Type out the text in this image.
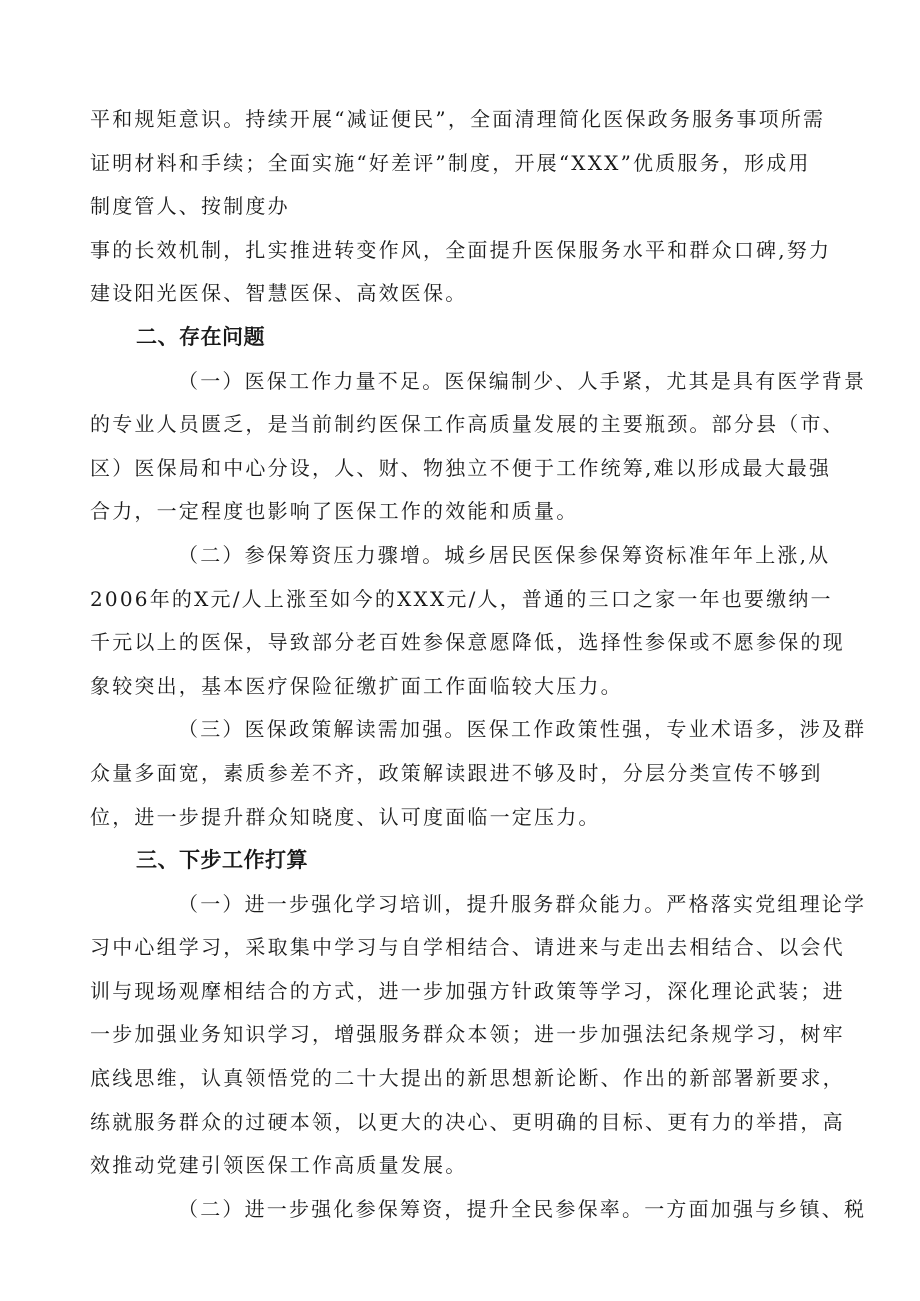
平和规矩意识。持续开展“减证便民”，全面清理简化医保政务服务事项所需
证明材料和手续；全面实施“好差评”制度，开展“XXX”优质服务，形成用
制度管人、按制度办
事的长效机制，扎实推进转变作风，全面提升医保服务水平和群众口碑,努力
建设阳光医保、智慧医保、高效医保。
二、存在问题
（一）医保工作力量不足。医保编制少、人手紧，尤其是具有医学背景
的专业人员匮乏，是当前制约医保工作高质量发展的主要瓶颈。部分县（市、
区）医保局和中心分设，人、财、物独立不便于工作统筹,难以形成最大最强
合力，一定程度也影响了医保工作的效能和质量。
（二）参保筹资压力骤增。城乡居民医保参保筹资标准年年上涨,从
2006年的X元/人上涨至如今的XXX元/人，普通的三口之家一年也要缴纳一
千元以上的医保，导致部分老百姓参保意愿降低，选择性参保或不愿参保的现
象较突出，基本医疗保险征缴扩面工作面临较大压力。
（三）医保政策解读需加强。医保工作政策性强，专业术语多，涉及群
众量多面宽，素质参差不齐，政策解读跟进不够及时，分层分类宣传不够到
位，进一步提升群众知晓度、认可度面临一定压力。
三、下步工作打算
（一）进一步强化学习培训，提升服务群众能力。严格落实党组理论学
习中心组学习，采取集中学习与自学相结合、请进来与走出去相结合、以会代
训与现场观摩相结合的方式，进一步加强方针政策等学习，深化理论武装；进
一步加强业务知识学习，增强服务群众本领；进一步加强法纪条规学习，树牢
底线思维，认真领悟党的二十大提出的新思想新论断、作出的新部署新要求，
练就服务群众的过硬本领，以更大的决心、更明确的目标、更有力的举措，高
效推动党建引领医保工作高质量发展。
（二）进一步强化参保筹资，提升全民参保率。一方面加强与乡镇、税
